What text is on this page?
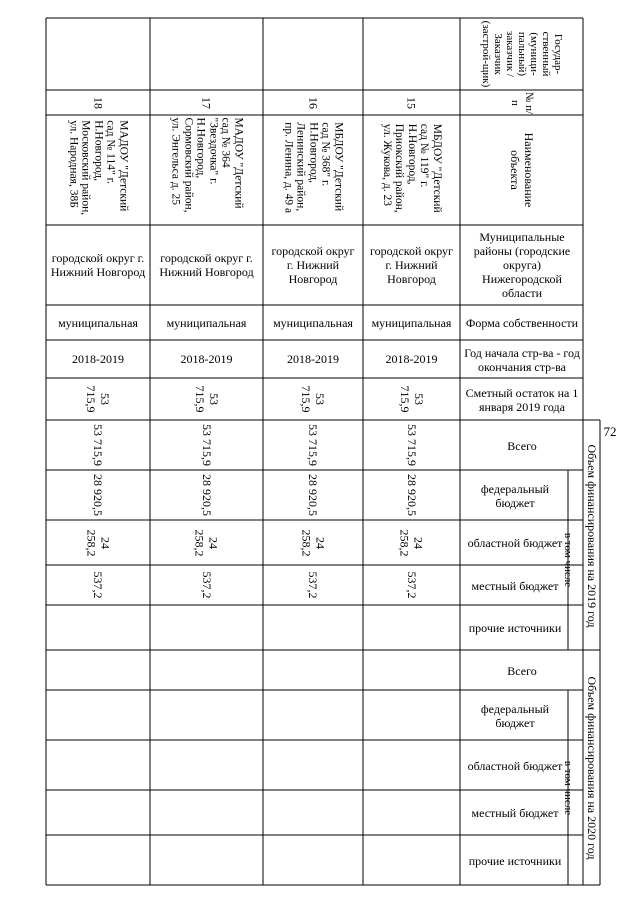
72
Государ-ственный (муници-пальный) заказчик / Заказчик (застрой-щик)
№ п/п
Наименование объекта
Муниципальные районы (городские округа) Нижегородской области
Форма собственности
Год начала стр-ва - год окончания стр-ва
Сметный остаток на 1 января 2019 года
Всего
федеральный бюджет
областной бюджет
местный бюджет
прочие источники
Всего
федеральный бюджет
областной бюджет
местный бюджет
прочие источники
в том числе
в том числе
Объем финансирования на 2019 год
Объем финансирования на 2020 год
15
МБДОУ "Детский сад № 119" г. Н.Новгород, Приокский район, ул. Жукова, д. 23
городской округ г. Нижний Новгород
муниципальная
2018-2019
53 715,9
53 715,9
28 920,5
24 258,2
537,2
16
МБДОУ "Детский сад № 368" г. Н.Новгород, Ленинский район, пр. Ленина, д. 49 а
городской округ г. Нижний Новгород
муниципальная
2018-2019
53 715,9
53 715,9
28 920,5
24 258,2
537,2
17
МАДОУ "Детский сад № 364 "Звездочка" г. Н.Новгород, Сормовский район, ул. Энгельса д. 25
городской округ г. Нижний Новгород
муниципальная
2018-2019
53 715,9
53 715,9
28 920,5
24 258,2
537,2
18
МАДОУ "Детский сад № 114" г. Н.Новгород, Московский район, ул. Народная, 38Б
городской округ г. Нижний Новгород
муниципальная
2018-2019
53 715,9
53 715,9
28 920,5
24 258,2
537,2
